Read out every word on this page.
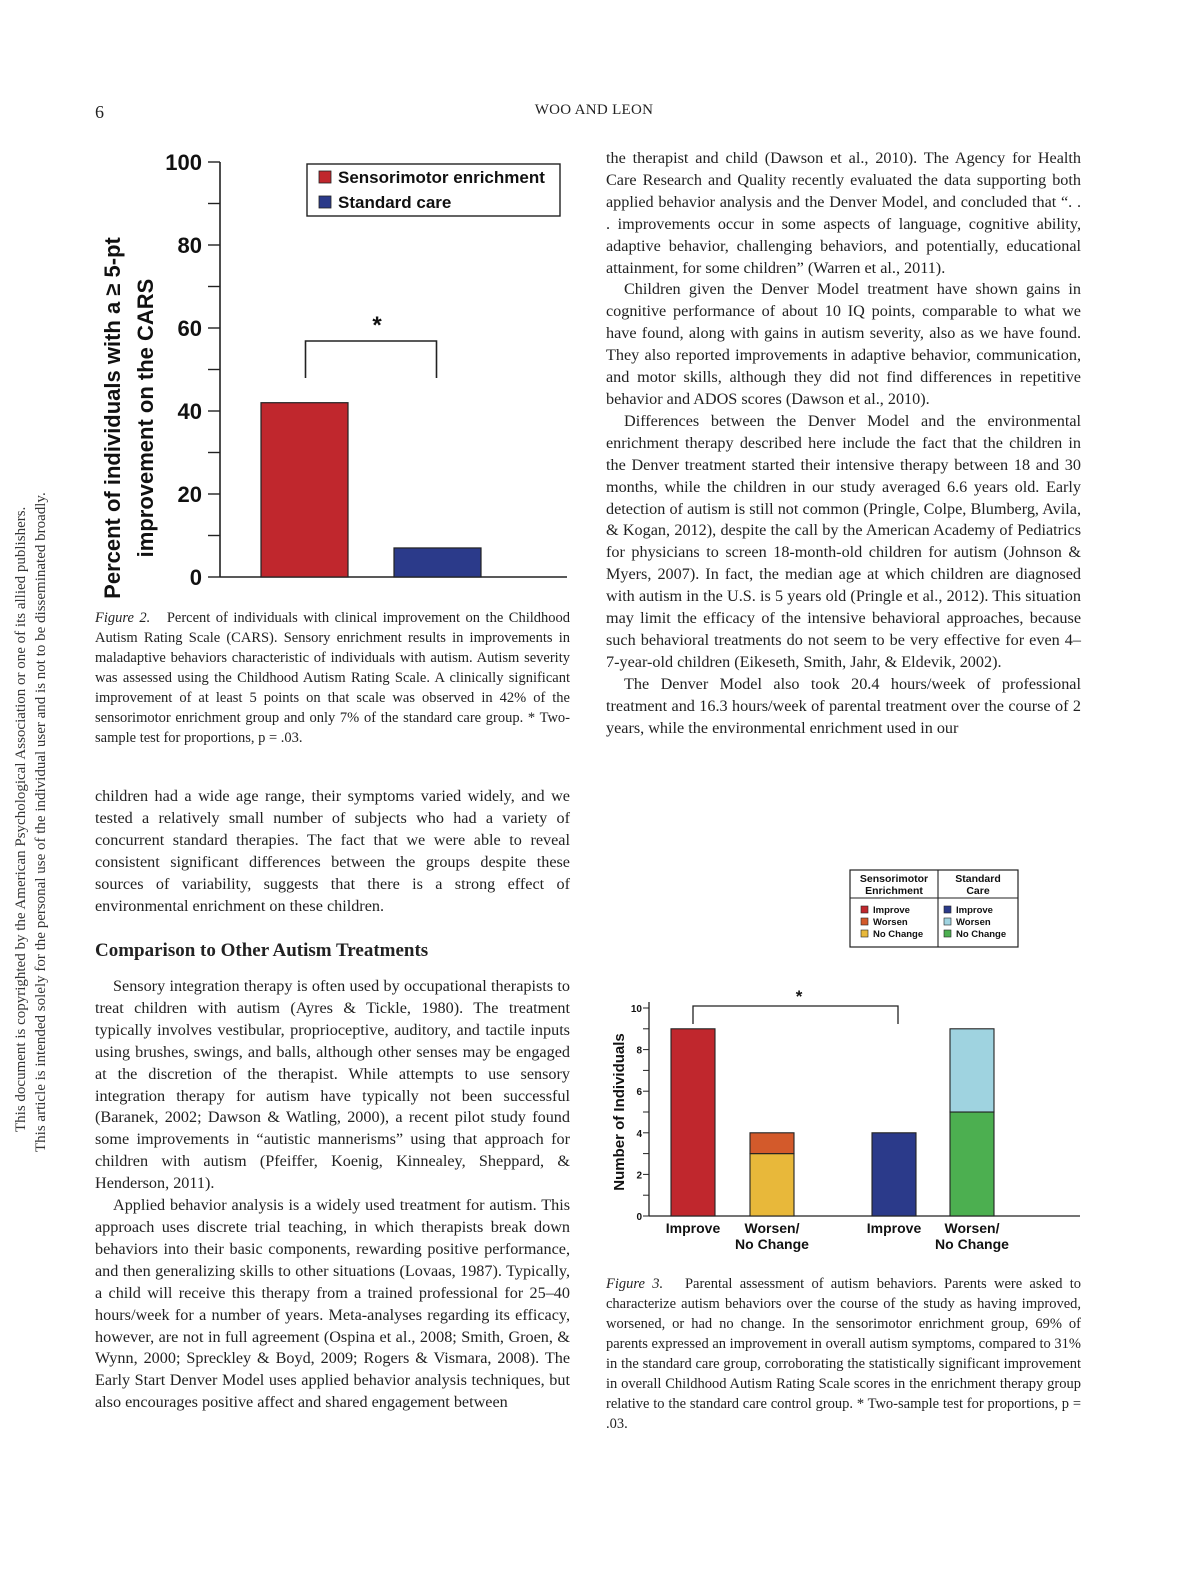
This document is copyrighted by the American Psychological Association or one of its allied publishers. This article is intended solely for the personal use of the individual user and is not to be disseminated broadly.
6	WOO AND LEON
Percent of individuals with a ≥ 5-pt improvement on the CARS
0
20
40
60
80
100
Sensorimotor enrichment
Standard care
*
Figure 2. Percent of individuals with clinical improvement on the Childhood Autism Rating Scale (CARS). Sensory enrichment results in improvements in maladaptive behaviors characteristic of individuals with autism. Autism severity was assessed using the Childhood Autism Rating Scale. A clinically significant improvement of at least 5 points on that scale was observed in 42% of the sensorimotor enrichment group and only 7% of the standard care group. * Two-sample test for proportions, p = .03.

children had a wide age range, their symptoms varied widely, and we tested a relatively small number of subjects who had a variety of concurrent standard therapies. The fact that we were able to reveal consistent significant differences between the groups despite these sources of variability, suggests that there is a strong effect of environmental enrichment on these children.

Comparison to Other Autism Treatments

Sensory integration therapy is often used by occupational therapists to treat children with autism (Ayres & Tickle, 1980). The treatment typically involves vestibular, proprioceptive, auditory, and tactile inputs using brushes, swings, and balls, although other senses may be engaged at the discretion of the therapist. While attempts to use sensory integration therapy for autism have typically not been successful (Baranek, 2002; Dawson & Watling, 2000), a recent pilot study found some improvements in “autistic mannerisms” using that approach for children with autism (Pfeiffer, Koenig, Kinnealey, Sheppard, & Henderson, 2011).

Applied behavior analysis is a widely used treatment for autism. This approach uses discrete trial teaching, in which therapists break down behaviors into their basic components, rewarding positive performance, and then generalizing skills to other situations (Lovaas, 1987). Typically, a child will receive this therapy from a trained professional for 25–40 hours/week for a number of years. Meta-analyses regarding its efficacy, however, are not in full agreement (Ospina et al., 2008; Smith, Groen, & Wynn, 2000; Spreckley & Boyd, 2009; Rogers & Vismara, 2008). The Early Start Denver Model uses applied behavior analysis techniques, but also encourages positive affect and shared engagement between

the therapist and child (Dawson et al., 2010). The Agency for Health Care Research and Quality recently evaluated the data supporting both applied behavior analysis and the Denver Model, and concluded that “. . . improvements occur in some aspects of language, cognitive ability, adaptive behavior, challenging behaviors, and potentially, educational attainment, for some children” (Warren et al., 2011).

Children given the Denver Model treatment have shown gains in cognitive performance of about 10 IQ points, comparable to what we have found, along with gains in autism severity, also as we have found. They also reported improvements in adaptive behavior, communication, and motor skills, although they did not find differences in repetitive behavior and ADOS scores (Dawson et al., 2010).

Differences between the Denver Model and the environmental enrichment therapy described here include the fact that the children in the Denver treatment started their intensive therapy between 18 and 30 months, while the children in our study averaged 6.6 years old. Early detection of autism is still not common (Pringle, Colpe, Blumberg, Avila, & Kogan, 2012), despite the call by the American Academy of Pediatrics for physicians to screen 18-month-old children for autism (Johnson & Myers, 2007). In fact, the median age at which children are diagnosed with autism in the U.S. is 5 years old (Pringle et al., 2012). This situation may limit the efficacy of the intensive behavioral approaches, because such behavioral treatments do not seem to be very effective for even 4–7-year-old children (Eikeseth, Smith, Jahr, & Eldevik, 2002).

The Denver Model also took 20.4 hours/week of professional treatment and 16.3 hours/week of parental treatment over the course of 2 years, while the environmental enrichment used in our

Number of Individuals
Sensorimotor
Enrichment
Improve
Worsen
No Change
Standard
Care
Improve
Worsen
No Change
0
2
4
6
8
10
Improve Worsen/
No Change
Improve Worsen/
No Change
*
Figure 3. Parental assessment of autism behaviors. Parents were asked to characterize autism behaviors over the course of the study as having improved, worsened, or had no change. In the sensorimotor enrichment group, 69% of parents expressed an improvement in overall autism symptoms, compared to 31% in the standard care group, corroborating the statistically significant improvement in overall Childhood Autism Rating Scale scores in the enrichment therapy group relative to the standard care control group. * Two-sample test for proportions, p = .03.
